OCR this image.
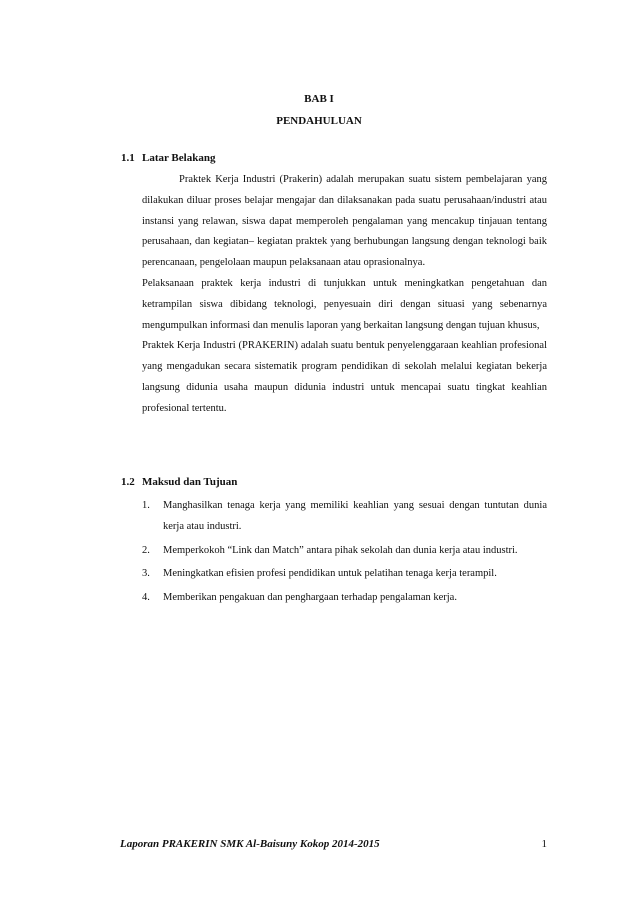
BAB I
PENDAHULUAN
1.1 Latar Belakang

Praktek Kerja Industri (Prakerin) adalah merupakan suatu sistem pembelajaran yang dilakukan diluar proses belajar mengajar dan dilaksanakan pada suatu perusahaan/industri atau instansi yang relawan, siswa dapat memperoleh pengalaman yang mencakup tinjauan tentang perusahaan, dan kegiatan– kegiatan praktek yang berhubungan langsung dengan teknologi baik perencanaan, pengelolaan maupun pelaksanaan atau oprasionalnya.

Pelaksanaan praktek kerja industri di tunjukkan untuk meningkatkan pengetahuan dan ketrampilan siswa dibidang teknologi, penyesuain diri dengan situasi yang sebenarnya mengumpulkan informasi dan menulis laporan yang berkaitan langsung dengan tujuan khusus,

Praktek Kerja Industri (PRAKERIN) adalah suatu bentuk penyelenggaraan keahlian profesional yang mengadukan secara sistematik program pendidikan di sekolah melalui kegiatan bekerja langsung didunia usaha maupun didunia industri untuk mencapai suatu tingkat keahlian profesional tertentu.

1.2 Maksud dan Tujuan
1. Manghasilkan tenaga kerja yang memiliki keahlian yang sesuai dengan tuntutan dunia kerja atau industri.
2. Memperkokoh “Link dan Match” antara pihak sekolah dan dunia kerja atau industri.
3. Meningkatkan efisien profesi pendidikan untuk pelatihan tenaga kerja terampil.
4. Memberikan pengakuan dan penghargaan terhadap pengalaman kerja.
Laporan PRAKERIN SMK Al-Baisuny Kokop 2014-2015	1
